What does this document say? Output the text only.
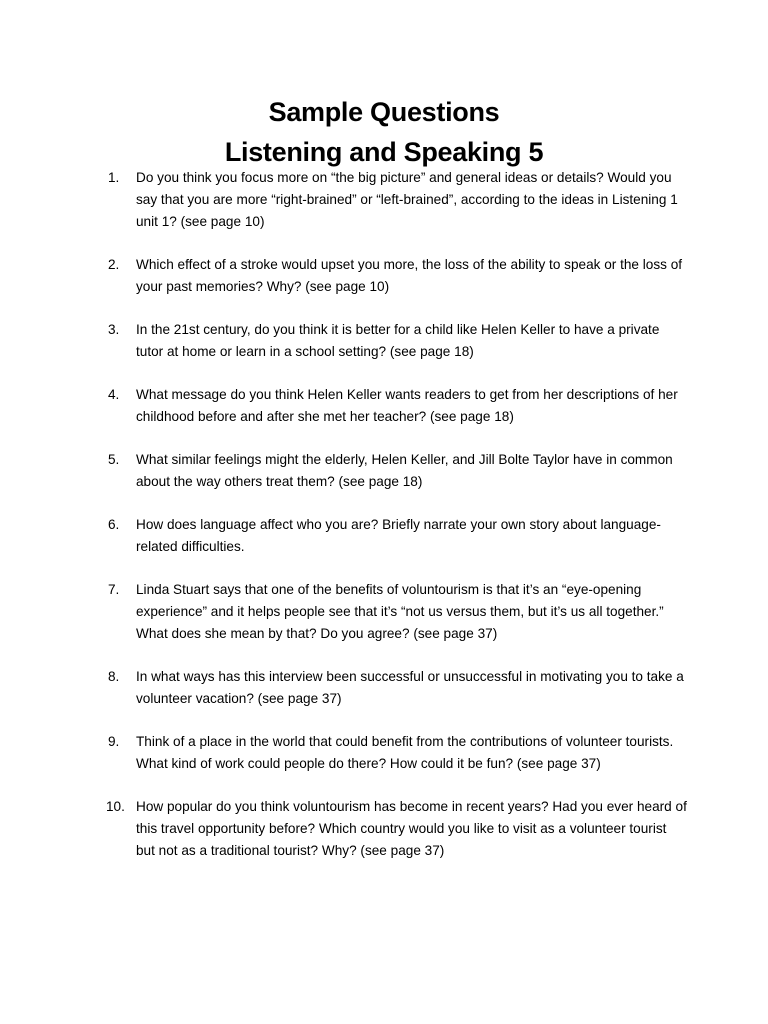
Sample Questions
Listening and Speaking 5
1.	Do you think you focus more on “the big picture” and general ideas or details? Would you say that you are more “right-brained” or “left-brained”, according to the ideas in Listening 1 unit 1? (see page 10)
2.	Which effect of a stroke would upset you more, the loss of the ability to speak or the loss of your past memories? Why? (see page 10)
3.	In the 21st century, do you think it is better for a child like Helen Keller to have a private tutor at home or learn in a school setting? (see page 18)
4.	What message do you think Helen Keller wants readers to get from her descriptions of her childhood before and after she met her teacher? (see page 18)
5.	What similar feelings might the elderly, Helen Keller, and Jill Bolte Taylor have in common about the way others treat them? (see page 18)
6.	How does language affect who you are? Briefly narrate your own story about language-related difficulties.
7.	Linda Stuart says that one of the benefits of voluntourism is that it’s an “eye-opening experience” and it helps people see that it’s “not us versus them, but it’s us all together.” What does she mean by that? Do you agree? (see page 37)
8.	In what ways has this interview been successful or unsuccessful in motivating you to take a volunteer vacation? (see page 37)
9.	Think of a place in the world that could benefit from the contributions of volunteer tourists. What kind of work could people do there? How could it be fun? (see page 37)
10. How popular do you think voluntourism has become in recent years? Had you ever heard of this travel opportunity before? Which country would you like to visit as a volunteer tourist but not as a traditional tourist? Why? (see page 37)
